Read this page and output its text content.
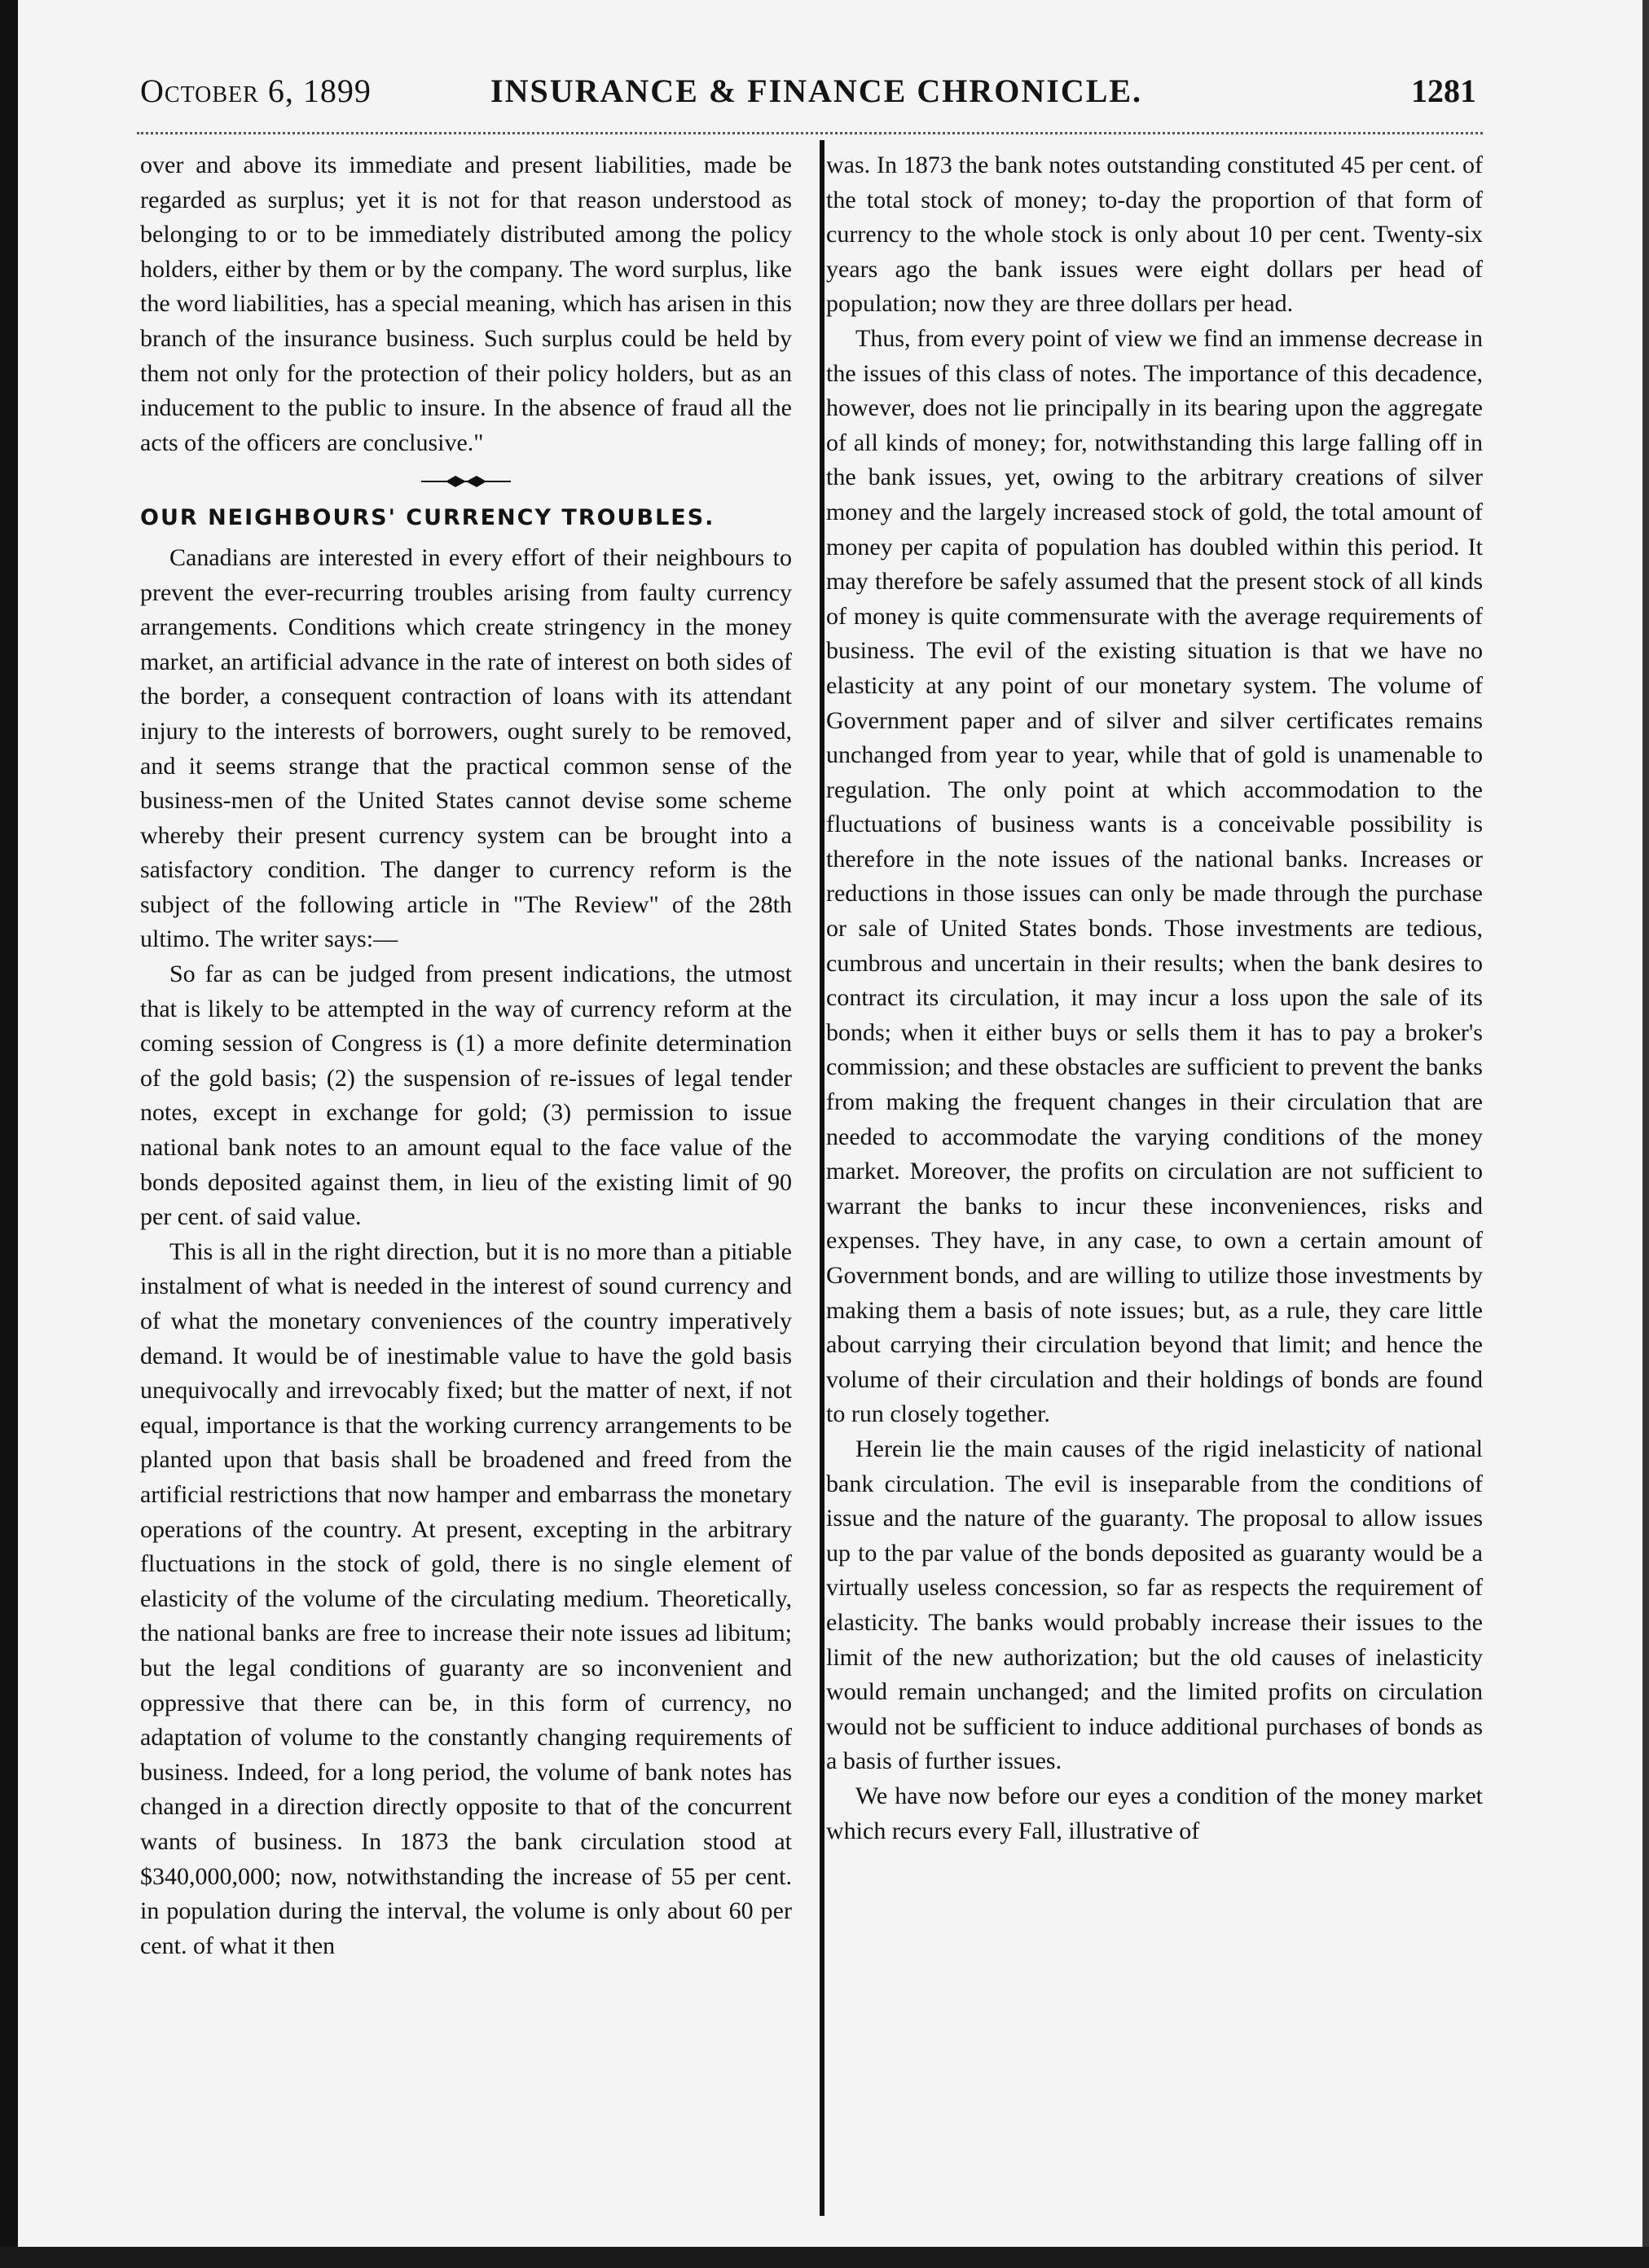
October 6, 1899	INSURANCE & FINANCE CHRONICLE.	1281

over and above its immediate and present liabilities, made be regarded as surplus; yet it is not for that reason understood as belonging to or to be immediately distributed among the policy holders, either by them or by the company. The word surplus, like the word liabilities, has a special meaning, which has arisen in this branch of the insurance business. Such surplus could be held by them not only for the protection of their policy holders, but as an inducement to the public to insure. In the absence of fraud all the acts of the officers are conclusive."

OUR NEIGHBOURS' CURRENCY TROUBLES.

Canadians are interested in every effort of their neighbours to prevent the ever-recurring troubles arising from faulty currency arrangements. Conditions which create stringency in the money market, an artificial advance in the rate of interest on both sides of the border, a consequent contraction of loans with its attendant injury to the interests of borrowers, ought surely to be removed, and it seems strange that the practical common sense of the business-men of the United States cannot devise some scheme whereby their present currency system can be brought into a satisfactory condition. The danger to currency reform is the subject of the following article in "The Review" of the 28th ultimo. The writer says:—

So far as can be judged from present indications, the utmost that is likely to be attempted in the way of currency reform at the coming session of Congress is (1) a more definite determination of the gold basis; (2) the suspension of re-issues of legal tender notes, except in exchange for gold; (3) permission to issue national bank notes to an amount equal to the face value of the bonds deposited against them, in lieu of the existing limit of 90 per cent. of said value.

This is all in the right direction, but it is no more than a pitiable instalment of what is needed in the interest of sound currency and of what the monetary conveniences of the country imperatively demand. It would be of inestimable value to have the gold basis unequivocally and irrevocably fixed; but the matter of next, if not equal, importance is that the working currency arrangements to be planted upon that basis shall be broadened and freed from the artificial restrictions that now hamper and embarrass the monetary operations of the country. At present, excepting in the arbitrary fluctuations in the stock of gold, there is no single element of elasticity of the volume of the circulating medium. Theoretically, the national banks are free to increase their note issues ad libitum; but the legal conditions of guaranty are so inconvenient and oppressive that there can be, in this form of currency, no adaptation of volume to the constantly changing requirements of business. Indeed, for a long period, the volume of bank notes has changed in a direction directly opposite to that of the concurrent wants of business. In 1873 the bank circulation stood at $340,000,000; now, notwithstanding the increase of 55 per cent. in population during the interval, the volume is only about 60 per cent. of what it then

was. In 1873 the bank notes outstanding constituted 45 per cent. of the total stock of money; to-day the proportion of that form of currency to the whole stock is only about 10 per cent. Twenty-six years ago the bank issues were eight dollars per head of population; now they are three dollars per head.

Thus, from every point of view we find an immense decrease in the issues of this class of notes. The importance of this decadence, however, does not lie principally in its bearing upon the aggregate of all kinds of money; for, notwithstanding this large falling off in the bank issues, yet, owing to the arbitrary creations of silver money and the largely increased stock of gold, the total amount of money per capita of population has doubled within this period. It may therefore be safely assumed that the present stock of all kinds of money is quite commensurate with the average requirements of business. The evil of the existing situation is that we have no elasticity at any point of our monetary system. The volume of Government paper and of silver and silver certificates remains unchanged from year to year, while that of gold is unamenable to regulation. The only point at which accommodation to the fluctuations of business wants is a conceivable possibility is therefore in the note issues of the national banks. Increases or reductions in those issues can only be made through the purchase or sale of United States bonds. Those investments are tedious, cumbrous and uncertain in their results; when the bank desires to contract its circulation, it may incur a loss upon the sale of its bonds; when it either buys or sells them it has to pay a broker's commission; and these obstacles are sufficient to prevent the banks from making the frequent changes in their circulation that are needed to accommodate the varying conditions of the money market. Moreover, the profits on circulation are not sufficient to warrant the banks to incur these inconveniences, risks and expenses. They have, in any case, to own a certain amount of Government bonds, and are willing to utilize those investments by making them a basis of note issues; but, as a rule, they care little about carrying their circulation beyond that limit; and hence the volume of their circulation and their holdings of bonds are found to run closely together.

Herein lie the main causes of the rigid inelasticity of national bank circulation. The evil is inseparable from the conditions of issue and the nature of the guaranty. The proposal to allow issues up to the par value of the bonds deposited as guaranty would be a virtually useless concession, so far as respects the requirement of elasticity. The banks would probably increase their issues to the limit of the new authorization; but the old causes of inelasticity would remain unchanged; and the limited profits on circulation would not be sufficient to induce additional purchases of bonds as a basis of further issues.

We have now before our eyes a condition of the money market which recurs every Fall, illustrative of
